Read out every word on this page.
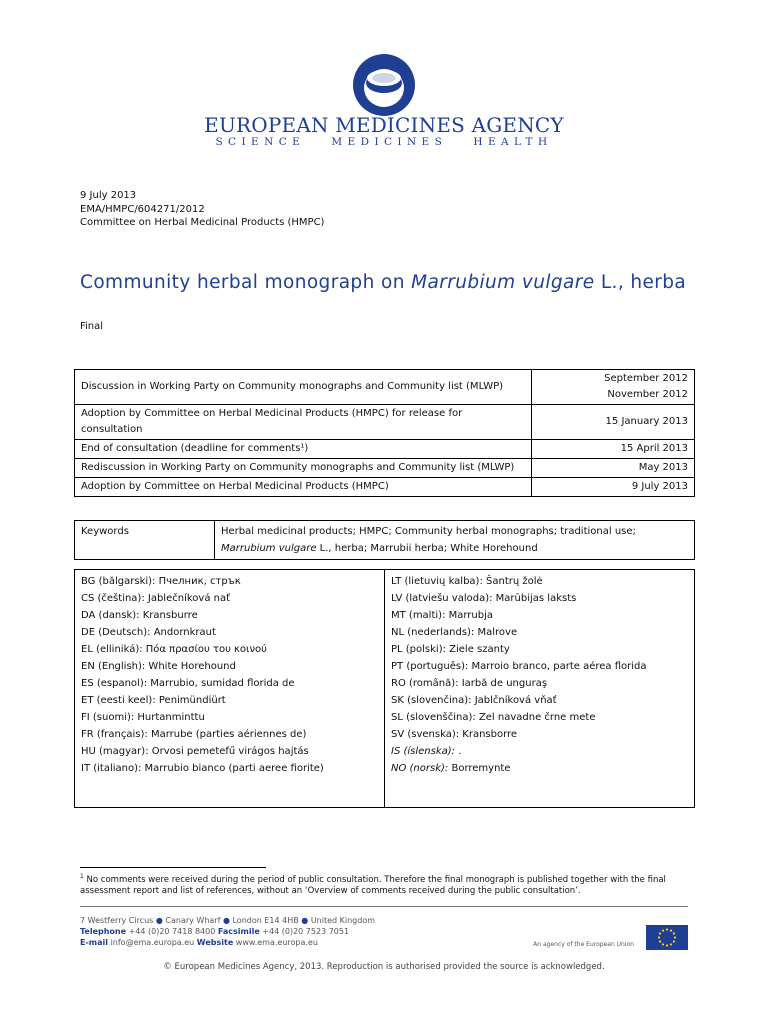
EUROPEAN MEDICINES AGENCY
SCIENCE   MEDICINES   HEALTH
9 July 2013
EMA/HMPC/604271/2012
Committee on Herbal Medicinal Products (HMPC)
Community herbal monograph on Marrubium vulgare L., herba
Final
Discussion in Working Party on Community monographs and Community list (MLWP)	September 2012
November 2012
Adoption by Committee on Herbal Medicinal Products (HMPC) for release for consultation	15 January 2013
End of consultation (deadline for comments¹)	15 April 2013
Rediscussion in Working Party on Community monographs and Community list (MLWP)	May 2013
Adoption by Committee on Herbal Medicinal Products (HMPC)	9 July 2013
Keywords	Herbal medicinal products; HMPC; Community herbal monographs; traditional use; Marrubium vulgare L., herba; Marrubii herba; White Horehound
BG (bălgarski): Пчелник, стрък
CS (čeština): Jablečníková nať
DA (dansk): Kransburre
DE (Deutsch): Andornkraut
EL (elliniká): Πόα πρασίου του κοινού
EN (English): White Horehound
ES (espanol): Marrubio, sumidad florida de
ET (eesti keel): Penimündiürt
FI (suomi): Hurtanminttu
FR (français): Marrube (parties aériennes de)
HU (magyar): Orvosi pemetefű virágos hajtás
IT (italiano): Marrubio bianco (parti aeree fiorite)
LT (lietuvių kalba): Šantrų žolė
LV (latviešu valoda): Marūbijas laksts
MT (malti): Marrubja
NL (nederlands): Malrove
PL (polski): Ziele szanty
PT (português): Marroio branco, parte aérea florida
RO (română): Iarbă de unguraş
SK (slovenčina): Jablčníková vňať
SL (slovenščina): Zel navadne črne mete
SV (svenska): Kransborre
IS (íslenska): .
NO (norsk): Borremynte
$^1$ No comments were received during the period of public consultation. Therefore the final monograph is published together with the final assessment report and list of references, without an ‘Overview of comments received during the public consultation’.
7 Westferry Circus ● Canary Wharf ● London E14 4HB ● United Kingdom
Telephone +44 (0)20 7418 8400 Facsimile +44 (0)20 7523 7051
E-mail info@ema.europa.eu Website www.ema.europa.eu	An agency of the European Union
© European Medicines Agency, 2013. Reproduction is authorised provided the source is acknowledged.
